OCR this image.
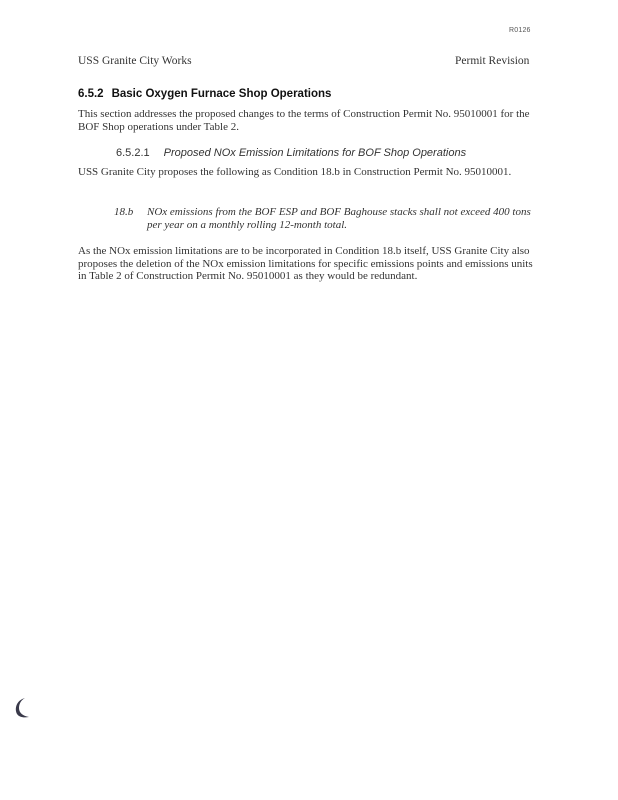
R0126
USS Granite City Works	Permit Revision
6.5.2 Basic Oxygen Furnace Shop Operations
This section addresses the proposed changes to the terms of Construction Permit No. 95010001 for the BOF Shop operations under Table 2.
6.5.2.1 Proposed NOx Emission Limitations for BOF Shop Operations
USS Granite City proposes the following as Condition 18.b in Construction Permit No. 95010001.
18.b	NOx emissions from the BOF ESP and BOF Baghouse stacks shall not exceed 400 tons per year on a monthly rolling 12-month total.
As the NOx emission limitations are to be incorporated in Condition 18.b itself, USS Granite City also proposes the deletion of the NOx emission limitations for specific emissions points and emissions units in Table 2 of Construction Permit No. 95010001 as they would be redundant.
